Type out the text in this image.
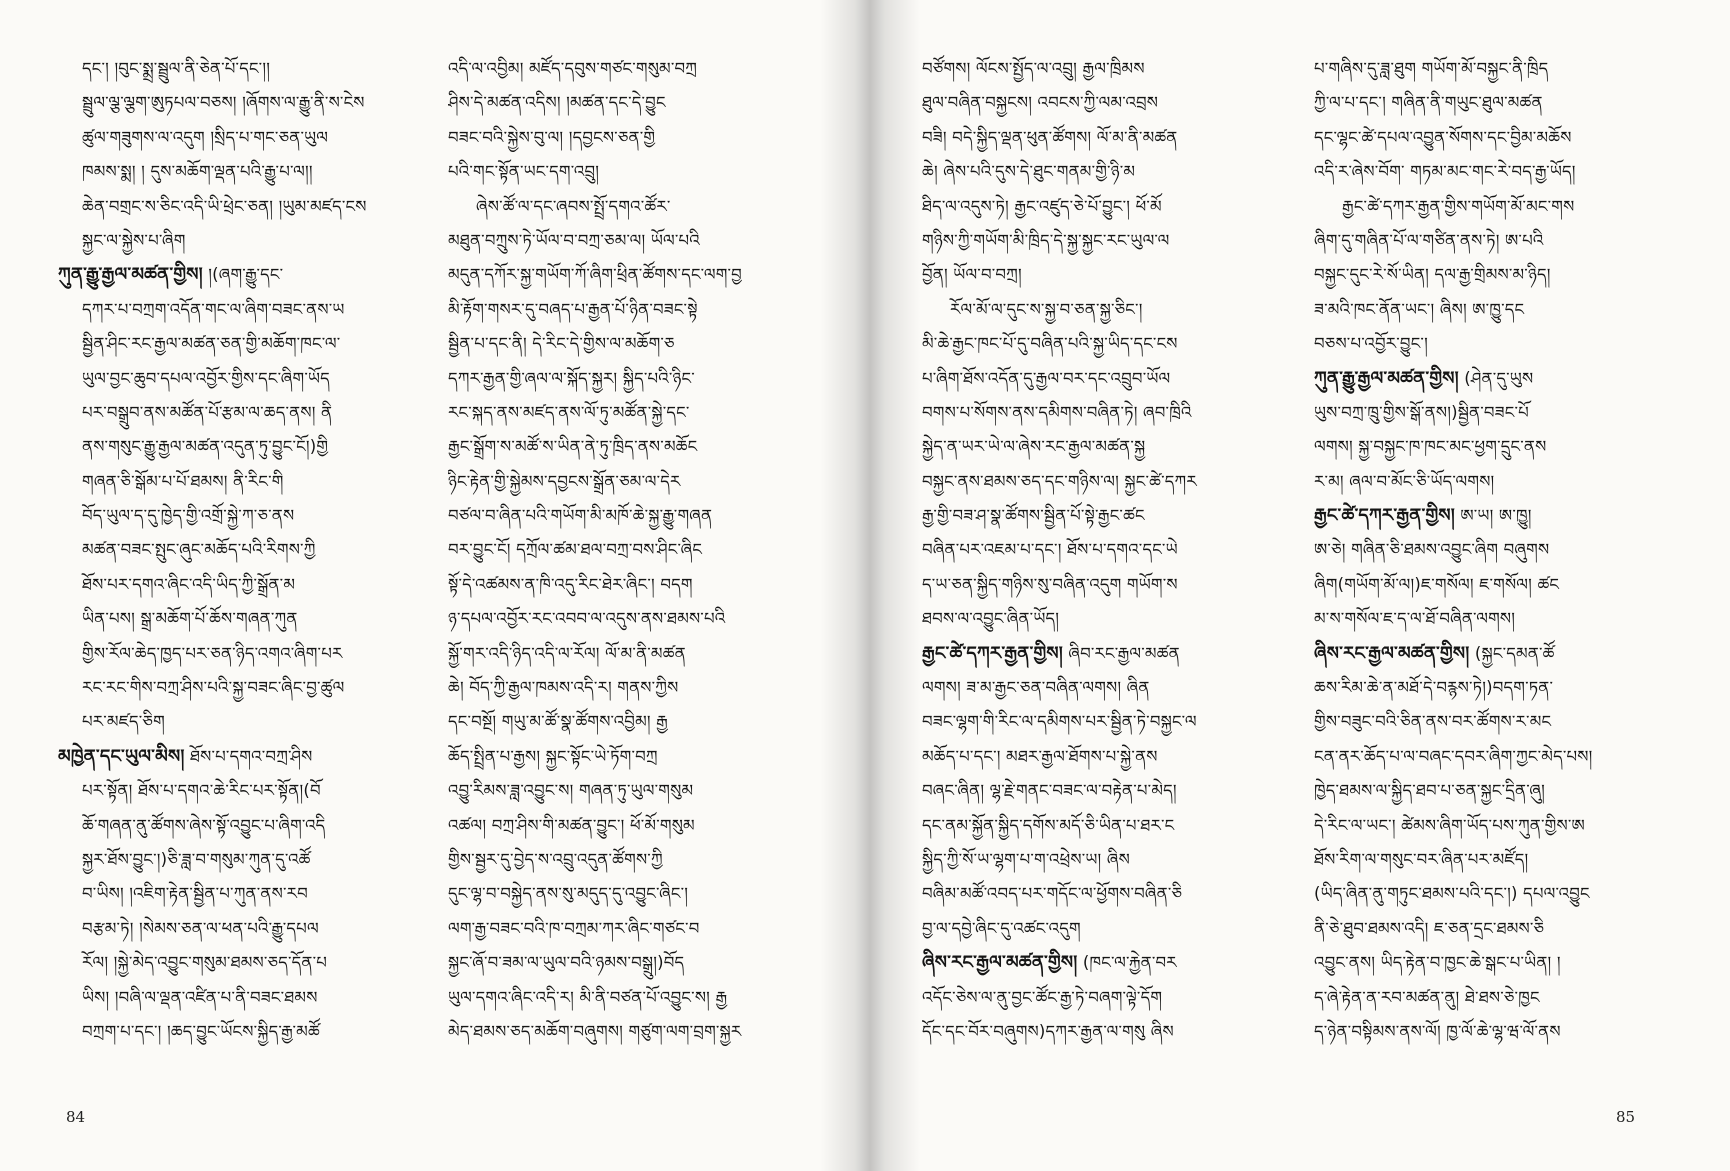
དང་། །བུང་སྨྲ་སྦྲུལ་ནི་ཅེན་པོ་དང་།།
སྦྲུལ་ལྕ་ལྕག་ཨུཏཔལ་བཅས། །ཞོགས་ལ་རྒྱུ་ནི་ས་ངེས
ཚུལ་གཟུགས་ལ་འདུག །སྲིད་པ་གང་ཅན་ཡུལ
ཁམས་སྨ། ། དུས་མཆོག་ལྡན་པའི་རྒྱུ་པ་ལ།།
ཆེན་བགྲང་ས་ཅིང་འདི་ཡི་ཕྲེང་ཅན། །ཡུམ་མཛད་ངས
སྐྱང་ལ་སྐྱེས་པ་ཞིག
ཀུན་རྒྱུ་རྒྱལ་མཚན་གྱིས། །(ཞག་རྒྱུ་དང་
དཀར་པ་བཀྲག་འདོན་གང་ལ་ཞིག་བཟང་ནས་ཡ
སྦྱིན་ཤིང་རང་རྒྱལ་མཚན་ཅན་གྱི་མཆོག་ཁང་ལ་
ཡུལ་བྱང་ཆུབ་དཔལ་འབྱོར་གྱིས་དང་ཞིག་ཡོད
པར་བསྒྲུབ་ནས་མཚོན་པོ་རྩམ་ལ་ཆད་ནས། ནི
ནས་གསུང་རྒྱུ་རྒྱལ་མཚན་འདུན་ཏུ་བྱུང་ངོ།)གྱི
གཞན་ཅི་སྒོམ་པ་པོ་ཐམས། ནི་རིང་གི
བོད་ཡུལ་ད་དུ་ཁྱེད་གྱི་འགྲོ་སྐྱེ་ཀ་ཅ་ནས
མཚན་བཟང་སྤུང་ཞུང་མཆོད་པའི་རིགས་ཀྱི
ཐོས་པར་དགའ་ཞིང་འདི་ཡིད་ཀྱི་སྒྲོན་མ
ཡིན་པས། སྒྲ་མཆོག་པོ་ཆོས་གཞན་ཀུན
གྱིས་རོལ་ཆེད་ཁྱད་པར་ཅན་ཉིད་འགའ་ཞིག་པར
རང་རང་གིས་བཀྲ་ཤིས་པའི་སྐྱ་བཟང་ཞིང་བྱ་ཚུལ
པར་མཛད་ཅིག
མཁྱེན་དང་ཡུལ་མིས། ཐོས་པ་དགའ་བཀྲ་ཤིས
པར་སྟོན། ཐོས་པ་དགའ་ཆེ་རིང་པར་སྟོན།(བོ
ཆོ་གཞན་ནུ་ཚོགས་ཞེས་སྟོ་འབྱུང་པ་ཞིག་འདི
སྐྱར་ཐོས་བྱུང་།)ཅི་ཟླ་བ་གསུམ་ཀུན་དུ་འཚོ
བ་ཡིས། །འཇིག་རྟེན་སྦྱིན་པ་ཀུན་ནས་རབ
བརྩམ་ཏེ། །སེམས་ཅན་ལ་ཕན་པའི་རྒྱུ་དཔལ
རོལ། །སྐྱེ་མེད་འབྱུང་གསུམ་ཐམས་ཅད་དོན་པ
ཡིས། །བཞི་ལ་ལྡན་འཛིན་པ་ནི་བཟང་ཐམས
བཀྲག་པ་དང་། །ཆད་བྱུང་ཡོངས་སྐྱིད་རྒྱ་མཚོ
འདི་ལ་འབྱིམ། མཛོད་དབུས་གཙང་གསུམ་བཀྲ
ཤིས་དེ་མཚན་འདིས། །མཚན་དང་དེ་བྱུང
བཟང་བའི་སྐྱེས་བུ་ལ། །དབྱངས་ཅན་གྱི
པའི་གང་སྟོན་ཡང་དག་འབྲུ།
ཞེས་ཚོ་ལ་དང་ཞབས་སྤྲོ་དགའ་ཚོར་
མཐུན་བཀྲུས་ཏེ་ཡོལ་བ་བཀྲ་ཅམ་ལ། ཡོལ་པའི
མདུན་དཀོར་སྐྱ་གཡོག་ཀོ་ཞིག་ཕྲིན་ཚོགས་དང་ལག་བྱ
མི་རྟོག་གསར་དུ་བཞད་པ་རྒྱན་པོ་ཉིན་བཟང་སྟེ
སྦྱིན་པ་དང་ནི། དེ་རིང་དེ་གྱིས་ལ་མཆོག་ཅ
དཀར་རྒྱན་གྱི་ཞལ་ལ་སྐོད་སྐྱར། སྐྱིད་པའི་ཉིང་
རང་སྐད་ནས་མཛད་ནས་ལོ་ཏུ་མཚོན་སྐྱེ་དང་
རྒྱང་སྒྲོག་ས་མཚོ་ས་ཡིན་ནེ་ཏུ་ཁྲིད་ནས་མཆོང
ཉིང་རྟེན་གྱི་སྐྱེམས་དབྱངས་སྒྲོན་ཅམ་ལ་དེར
བཙལ་བ་ཞིན་པའི་གཡོག་མི་མཁོ་ཆེ་སྐྱ་རྒྱུ་གཞན
བར་བྱུང་ངོ། དཀྲོལ་ཚམ་ཐལ་བཀྲ་བས་ཤིང་ཞིང
སྟོ་དེ་འཚམས་ན་ཁི་འདུ་རིང་ཐེར་ཞིང་། བདག
ཉ་དཔལ་འབྱོར་རང་འབབ་ལ་འདུས་ནས་ཐམས་པའི
སྐྱོ་གར་འདི་ཉིད་འདི་ལ་རོལ། ལོ་མ་ནི་མཚན
ཆེ། བོད་ཀྱི་རྒྱལ་ཁམས་འདི་ར། གནས་ཀྱིས
དང་བསྔོ། གཡུ་མ་ཚོ་སྣ་ཚོགས་འབྱིམ། རྒྱ
ཆོད་སྤྲིན་པ་རྒྱས། སྐྱང་སྟོང་ཡེ་ཏོག་བཀྲ
འབྱུ་རིམས་ཟླ་འབྱུང་ས། གཞན་ཏུ་ཡུལ་གསུམ
འཚལ། བཀྲ་ཤིས་གི་མཚན་བྱུང་། ཕོ་མོ་གསུམ
གྱིས་སྦྱར་དུ་བྱེད་ས་འབྲུ་འདུན་ཚོགས་ཀྱི
དུང་ལྷ་བ་བསྐྱེད་ནས་སུ་མདུད་དུ་འབྱུང་ཞིང་།
ལག་རྒྱ་བཟང་བའི་ཁ་བཀྲམ་ཀར་ཞིང་གཙང་བ
སྐྱང་ཞོ་བ་ཟམ་ལ་ཡུལ་བའི་ཉམས་བསྒྲུ།)བོད
ཡུལ་དགའ་ཞིང་འདི་ར། མི་ནི་བཙན་པོ་འབྱུང་ས། རྒྱ
མེད་ཐམས་ཅད་མཆོག་བཞུགས། གཙུག་ལག་བྲག་སྐྱར
84
བཙོགས། ལོངས་སྤྱོད་ལ་འབྲུ། རྒྱལ་ཁྲིམས
ཐུལ་བཞིན་བསྐྱངས། འབངས་ཀྱི་ལམ་འབྲས
བཟི། བདེ་སྐྱིད་ལྡན་ཕུན་ཚོགས། ལོ་མ་ནི་མཚན
ཆེ། ཞེས་པའི་དུས་དེ་ཐུང་གནམ་གྱི་ཉི་མ
ཐིད་ལ་འདུས་ཏེ། རྒྱང་འཛུད་ཅེ་པོ་བྱུང་། ཕོ་མོ
གཉིས་ཀྱི་གཡོག་མི་ཁྲིད་དེ་སྐྱ་སྐྱང་རང་ཡུལ་ལ
བྱོན། ཡོལ་བ་བཀྲ།
རོལ་མོ་ལ་དུང་ས་སྐྱ་བ་ཅན་སྐྱ་ཅིང་།
མི་ཆེ་རྒྱང་ཁང་པོ་དུ་བཞིན་པའི་སྐྱ་ཡིད་དང་ངས
པ་ཞིག་ཐོས་འདོན་དུ་རྒྱལ་བར་དང་འབྲུབ་ཡོལ
བགས་པ་སོགས་ནས་དམིགས་བཞིན་ཏེ། ཞབ་ཁྲིའི
སྐྱེད་ན་ཡར་ཡེ་ལ་ཞེས་རང་རྒྱལ་མཚན་སྐྱ
བསྐྱང་ནས་ཐམས་ཅད་དང་གཉིས་ལ། སྐྱང་ཚེ་དཀར
རྒྱ་གྱི་བཟ་ཤ་སྣ་ཚོགས་སྦྱིན་པོ་སྟེ་རྒྱང་ཚང
བཞིན་པར་འཇམ་པ་དང་། ཐོས་པ་དགའ་དང་ཡེ
ད་ཡ་ཅན་སྐྱིད་གཉིས་སུ་བཞིན་འདུག གཡོག་ས
ཐབས་ལ་འབྱུང་ཞིན་ཡོད།
རྒྱང་ཚེ་དཀར་རྒྱན་གྱིས། ཞིབ་རང་རྒྱལ་མཚན
ལགས། ཟ་མ་རྒྱང་ཅན་བཞིན་ལགས། ཞིན
བཟང་ལྷག་གི་རིང་ལ་དམིགས་པར་སྦྱིན་ཏེ་བསྐྱང་ལ
མཆོད་པ་དང་། མཐར་རྒྱལ་ཐོགས་པ་སྐྱེ་ནས
བཞང་ཞིན། ལྷ་རྗེ་གནང་བཟང་ལ་བརྟེན་པ་མེད།
དང་ནམ་སྐྱོན་སྐྱིད་དགོས་མདོ་ཅི་ཡིན་པ་ཐར་ང
སྐྱིད་ཀྱི་སོ་ཡ་ལྷག་པ་ག་འཕྲེས་ཡ། ཞིས
བཞིམ་མཚོ་འབད་པར་གདོང་ལ་ཕྱོགས་བཞིན་ཅི
བྱ་ལ་དབྱེ་ཞིང་དུ་འཚང་འདུག
ཞིས་རང་རྒྱལ་མཚན་གྱིས། (ཁང་ལ་རྐྱེན་བར
འདོང་ཅེས་ལ་ནུ་བྱང་ཚོང་རྒྱ་ཏེ་བཞག་ལྟེ་དོག
དོང་དང་བོར་བཞུགས)དཀར་རྒྱན་ལ་གསུ ཞིས
པ་གཞིས་དུ་ཟླ་ཐུག གཡོག་མོ་བསྐྱང་ནི་ཁྲིད
ཀྱི་ལ་པ་དང་། གཞིན་ནི་གཡུང་ཐུལ་མཚན
དང་ལྷང་ཚེ་དཔལ་འབྱུན་སོགས་དང་བྱིམ་མཆོས
འདི་ར་ཞེས་བོག་ གཏམ་མང་གང་རེ་བད་རྒྱ་ཡོད།
རྒྱང་ཚེ་དཀར་རྒྱན་གྱིས་གཡོག་མོ་མང་གས
ཞིག་དུ་གཞིན་པོ་ལ་གཙིན་ནས་ཏེ། ཨ་པའི
བསྐྱང་དུང་རེ་སོ་ཡིན། དལ་རྒྱ་གྲིམས་མ་ཉིད།
ཟ་མའི་ཁང་ནོན་ཡང་། ཞིས། ཨ་ཁྱུ་དང
བཅས་པ་འབྱོར་བྱུང་།
ཀུན་རྒྱུ་རྒྱལ་མཚན་གྱིས། (ཤེན་དུ་ཡུས
ཡུས་བཀྲ་ཁྲུ་གྱིས་སྒོ་ནས།)སྦྱིན་བཟང་པོ
ལགས། སྐྱ་བསྐྱང་ཁ་ཁང་མང་ཕྱག་དྲུང་ནས
ར་མ། ཞལ་བ་མོང་ཅི་ཡོད་ལགས།
རྒྱང་ཚེ་དཀར་རྒྱན་གྱིས། ཨ་ཡ། ཨ་ཁྱུ།
ཨ་ཅེ། གཞིན་ཅི་ཐམས་འབྱུང་ཞིག བཞུགས
ཞིག(གཡོག་མོ་ལ།)ཇ་གསོལ། ཇ་གསོལ། ཚང
མ་ས་གསོལ་ཇ་ད་ལ་ཐོ་བཞིན་ལགས།
ཞིས་རང་རྒྱལ་མཚན་གྱིས། (སྐྱང་དམན་ཚོ
ཆས་རིམ་ཆེ་ན་མཐོ་དེ་བརྙས་ཏེ།)བདག་ཏན་
གྱིས་བཟུང་བའི་ཅིན་ནས་བར་ཚོགས་ར་མང
ངན་ནར་ཆོད་པ་ལ་བཞང་དབར་ཞིག་ཀྱང་མེད་པས།
ཁྱེད་ཐམས་ལ་སྐྱིད་ཐབ་པ་ཅན་སྐྱང་དྲིན་ཞུ།
དེ་རིང་ལ་ཡང་། ཚེམས་ཞིག་ཡོད་པས་ཀུན་གྱིས་ཨ
ཐོས་རིག་ལ་གསུང་བར་ཞིན་པར་མཛོད།
(ཡིད་ཞིན་ནུ་གཏུང་ཐམས་པའི་དང་།) དཔལ་འབྱུང
ནི་ཅེ་ཐུབ་ཐམས་འདི། ཇ་ཅན་དྲང་ཐམས་ཅི
འབྱུང་ནས། ཡིད་རྟེན་བ་ཁྱང་ཆེ་སྒང་པ་ཡིན། །
ད་ཞེ་རྟེན་ན་རབ་མཚན་ནུ། ཐེ་ཐས་ཅེ་ཁྱང
ད་ཉེན་བསྟིམས་ནས་ལོ། ཁྱ་ལོ་ཆེ་ལྷ་ཝ་ལོ་ནས
85
